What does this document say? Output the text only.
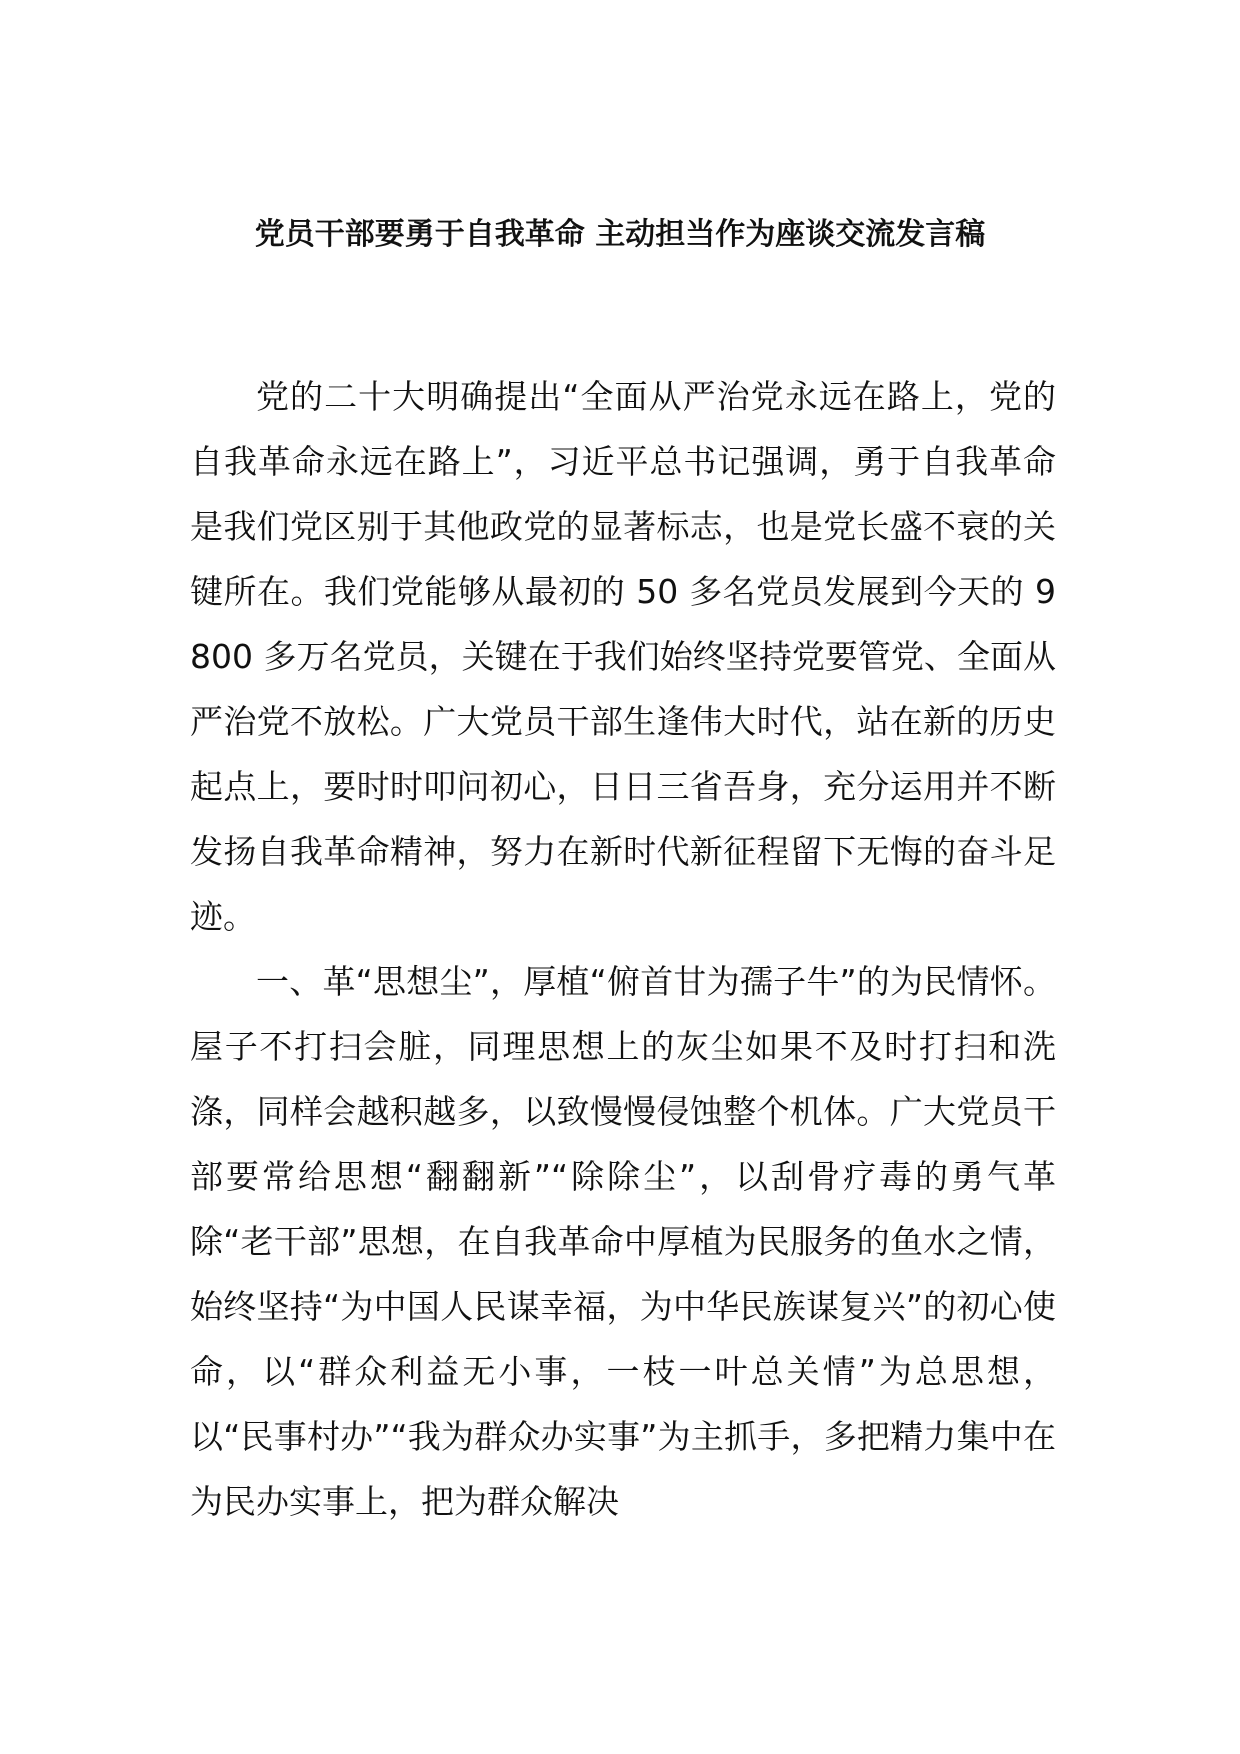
党员干部要勇于自我革命 主动担当作为座谈交流发言稿

党的二十大明确提出“全面从严治党永远在路上，党的自我革命永远在路上”，习近平总书记强调，勇于自我革命是我们党区别于其他政党的显著标志，也是党长盛不衰的关键所在。我们党能够从最初的 50 多名党员发展到今天的 9800 多万名党员，关键在于我们始终坚持党要管党、全面从严治党不放松。广大党员干部生逢伟大时代，站在新的历史起点上，要时时叩问初心，日日三省吾身，充分运用并不断发扬自我革命精神，努力在新时代新征程留下无悔的奋斗足迹。

一、革“思想尘”，厚植“俯首甘为孺子牛”的为民情怀。屋子不打扫会脏，同理思想上的灰尘如果不及时打扫和洗涤，同样会越积越多，以致慢慢侵蚀整个机体。广大党员干部要常给思想“翻翻新”“除除尘”，以刮骨疗毒的勇气革除“老干部”思想，在自我革命中厚植为民服务的鱼水之情，始终坚持“为中国人民谋幸福，为中华民族谋复兴”的初心使命，以“群众利益无小事，一枝一叶总关情”为总思想，以“民事村办”“我为群众办实事”为主抓手，多把精力集中在为民办实事上，把为群众解决
